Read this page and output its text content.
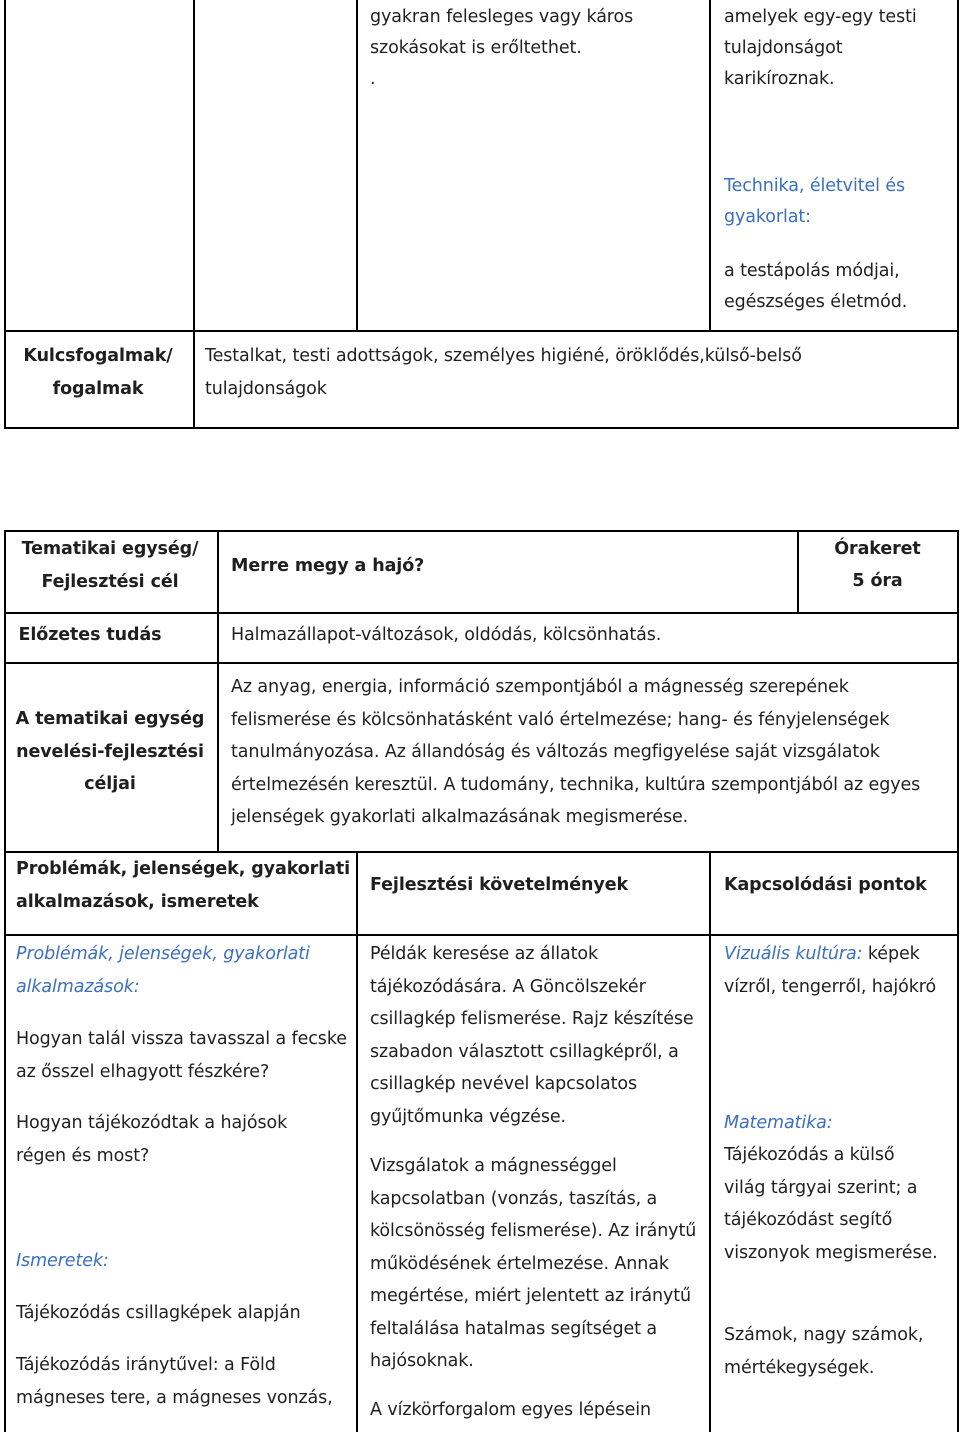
gyakran felesleges vagy káros
szokásokat is erőltethet.
.
amelyek egy-egy testi
tulajdonságot
karikíroznak.
Technika, életvitel és gyakorlat:
a testápolás módjai, egészséges életmód.
Kulcsfogalmak/ fogalmak
Testalkat, testi adottságok, személyes higiéné, öröklődés,külső-belső tulajdonságok
Tematikai egység/ Fejlesztési cél
Merre megy a hajó?
Órakeret
5 óra
Előzetes tudás	Halmazállapot-változások, oldódás, kölcsönhatás.
A tematikai egység nevelési-fejlesztési céljai
Az anyag, energia, információ szempontjából a mágnesség szerepének felismerése és kölcsönhatásként való értelmezése; hang- és fényjelenségek tanulmányozása. Az állandóság és változás megfigyelése saját vizsgálatok értelmezésén keresztül. A tudomány, technika, kultúra szempontjából az egyes jelenségek gyakorlati alkalmazásának megismerése.
Problémák, jelenségek, gyakorlati alkalmazások, ismeretek
Fejlesztési követelmények	Kapcsolódási pontok
Problémák, jelenségek, gyakorlati alkalmazások:
Hogyan talál vissza tavasszal a fecske az ősszel elhagyott fészkére?
Hogyan tájékozódtak a hajósok régen és most?
Ismeretek:
Tájékozódás csillagképek alapján
Tájékozódás iránytűvel: a Föld mágneses tere, a mágneses vonzás,
Példák keresése az állatok tájékozódására. A Göncölszekér csillagkép felismerése. Rajz készítése szabadon választott csillagképről, a csillagkép nevével kapcsolatos gyűjtőmunka végzése.
Vizsgálatok a mágnességgel kapcsolatban (vonzás, taszítás, a kölcsönösség felismerése). Az iránytű működésének értelmezése. Annak megértése, miért jelentett az iránytű feltalálása hatalmas segítséget a hajósoknak.
A vízkörforgalom egyes lépésein
Vizuális kultúra: képek vízről, tengerről, hajókró
Matematika:
Tájékozódás a külső világ tárgyai szerint; a tájékozódást segítő viszonyok megismerése.
Számok, nagy számok, mértékegységek.
